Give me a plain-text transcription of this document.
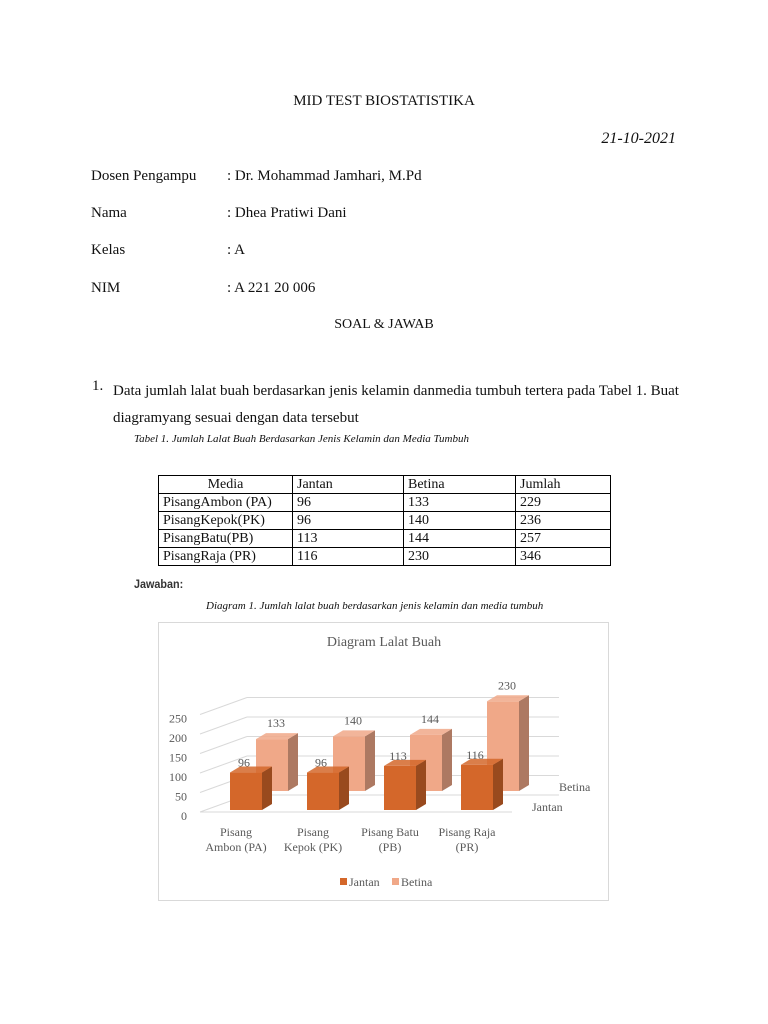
MID TEST BIOSTATISTIKA
21-10-2021
Dosen Pengampu : Dr. Mohammad Jamhari, M.Pd
Nama	: Dhea Pratiwi Dani
Kelas	: A
NIM	: A 221 20 006
SOAL & JAWAB
1. Data jumlah lalat buah berdasarkan jenis kelamin danmedia tumbuh tertera pada Tabel 1. Buat diagramyang sesuai dengan data tersebut
Tabel 1. Jumlah Lalat Buah Berdasarkan Jenis Kelamin dan Media Tumbuh
Media	Jantan	Betina	Jumlah
PisangAmbon (PA)	96	133	229
PisangKepok(PK)	96	140	236
PisangBatu(PB)	113	144	257
PisangRaja (PR)	116	230	346
Jawaban:
Diagram 1. Jumlah lalat buah berdasarkan jenis kelamin dan media tumbuh
Diagram Lalat Buah
0
50
100
150
200
250	133	140	144
230
96	96	113	116
Pisang
Ambon (PA)
Pisang
Kepok (PK)
Pisang Batu
(PB)
Pisang Raja
(PR)
Betina
Jantan
Jantan Betina
